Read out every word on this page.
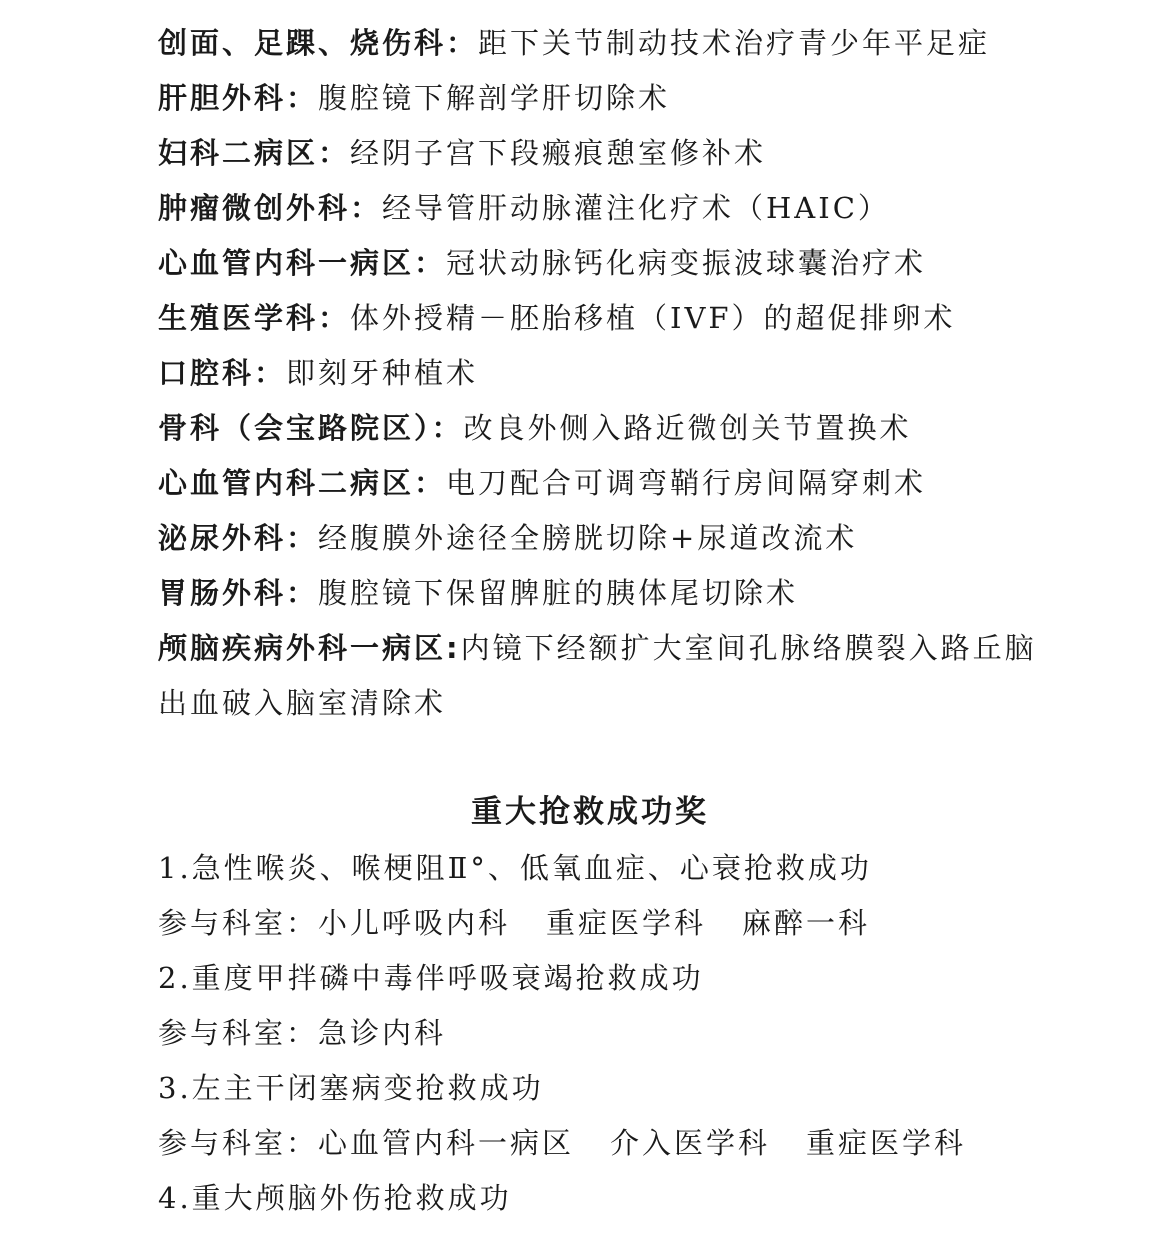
创面、足踝、烧伤科：距下关节制动技术治疗青少年平足症
肝胆外科：腹腔镜下解剖学肝切除术
妇科二病区：经阴子宫下段瘢痕憩室修补术
肿瘤微创外科：经导管肝动脉灌注化疗术（HAIC）
心血管内科一病区：冠状动脉钙化病变振波球囊治疗术
生殖医学科：体外授精－胚胎移植（IVF）的超促排卵术
口腔科：即刻牙种植术
骨科（会宝路院区）：改良外侧入路近微创关节置换术
心血管内科二病区：电刀配合可调弯鞘行房间隔穿刺术
泌尿外科：经腹膜外途径全膀胱切除+尿道改流术
胃肠外科：腹腔镜下保留脾脏的胰体尾切除术
颅脑疾病外科一病区:内镜下经额扩大室间孔脉络膜裂入路丘脑
出血破入脑室清除术
重大抢救成功奖
1.急性喉炎、喉梗阻Ⅱ°、低氧血症、心衰抢救成功
参与科室：小儿呼吸内科 重症医学科 麻醉一科
2.重度甲拌磷中毒伴呼吸衰竭抢救成功
参与科室：急诊内科
3.左主干闭塞病变抢救成功
参与科室：心血管内科一病区 介入医学科 重症医学科
4.重大颅脑外伤抢救成功
